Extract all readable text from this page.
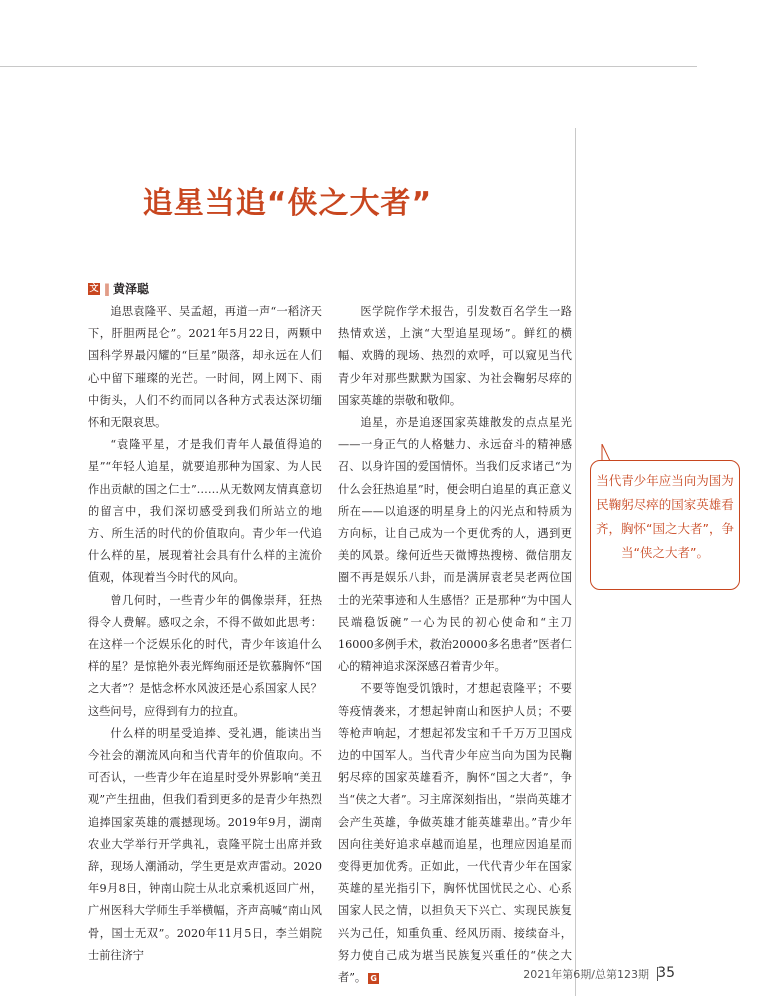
追星当追“侠之大者”
文 ‖ 黄泽聪

追思袁隆平、吴孟超，再道一声“一稻济天下，肝胆两昆仑”。2021年5月22日，两颗中国科学界最闪耀的“巨星”陨落，却永远在人们心中留下璀璨的光芒。一时间，网上网下、雨中街头，人们不约而同以各种方式表达深切缅怀和无限哀思。

“袁隆平星，才是我们青年人最值得追的星”“年轻人追星，就要追那种为国家、为人民作出贡献的国之仁士”……从无数网友情真意切的留言中，我们深切感受到我们所站立的地方、所生活的时代的价值取向。青少年一代追什么样的星，展现着社会具有什么样的主流价值观，体现着当今时代的风向。

曾几何时，一些青少年的偶像崇拜，狂热得令人费解。感叹之余，不得不做如此思考：在这样一个泛娱乐化的时代，青少年该追什么样的星？是惊艳外表光辉绚丽还是钦慕胸怀“国之大者”？是惦念杯水风波还是心系国家人民？这些问号，应得到有力的拉直。

什么样的明星受追捧、受礼遇，能读出当今社会的潮流风向和当代青年的价值取向。不可否认，一些青少年在追星时受外界影响“美丑观”产生扭曲，但我们看到更多的是青少年热烈追捧国家英雄的震撼现场。2019年9月，湖南农业大学举行开学典礼，袁隆平院士出席并致辞，现场人潮涌动，学生更是欢声雷动。2020年9月8日，钟南山院士从北京乘机返回广州，广州医科大学师生手举横幅，齐声高喊“南山风骨，国士无双”。2020年11月5日，李兰娟院士前往济宁

医学院作学术报告，引发数百名学生一路热情欢送，上演“大型追星现场”。鲜红的横幅、欢腾的现场、热烈的欢呼，可以窥见当代青少年对那些默默为国家、为社会鞠躬尽瘁的国家英雄的崇敬和敬仰。

追星，亦是追逐国家英雄散发的点点星光——一身正气的人格魅力、永远奋斗的精神感召、以身许国的爱国情怀。当我们反求诸己“为什么会狂热追星”时，便会明白追星的真正意义所在——以追逐的明星身上的闪光点和特质为方向标，让自己成为一个更优秀的人，遇到更美的风景。缘何近些天微博热搜榜、微信朋友圈不再是娱乐八卦，而是满屏袁老吴老两位国士的光荣事迹和人生感悟？正是那种“为中国人民端稳饭碗”一心为民的初心使命和“主刀16000多例手术，救治20000多名患者”医者仁心的精神追求深深感召着青少年。

不要等饱受饥饿时，才想起袁隆平；不要等疫情袭来，才想起钟南山和医护人员；不要等枪声响起，才想起祁发宝和千千万万卫国戍边的中国军人。当代青少年应当向为国为民鞠躬尽瘁的国家英雄看齐，胸怀“国之大者”，争当“侠之大者”。习主席深刻指出，“崇尚英雄才会产生英雄，争做英雄才能英雄辈出。”青少年因向往美好追求卓越而追星，也理应因追星而变得更加优秀。正如此，一代代青少年在国家英雄的星光指引下，胸怀忧国忧民之心、心系国家人民之情，以担负天下兴亡、实现民族复兴为己任，知重负重、经风历雨、接续奋斗，努力使自己成为堪当民族复兴重任的“侠之大者”。 G

当代青少年应当向为国为民鞠躬尽瘁的国家英雄看齐，胸怀“国之大者”，争当“侠之大者”。
2021年第6期/总第123期 35
